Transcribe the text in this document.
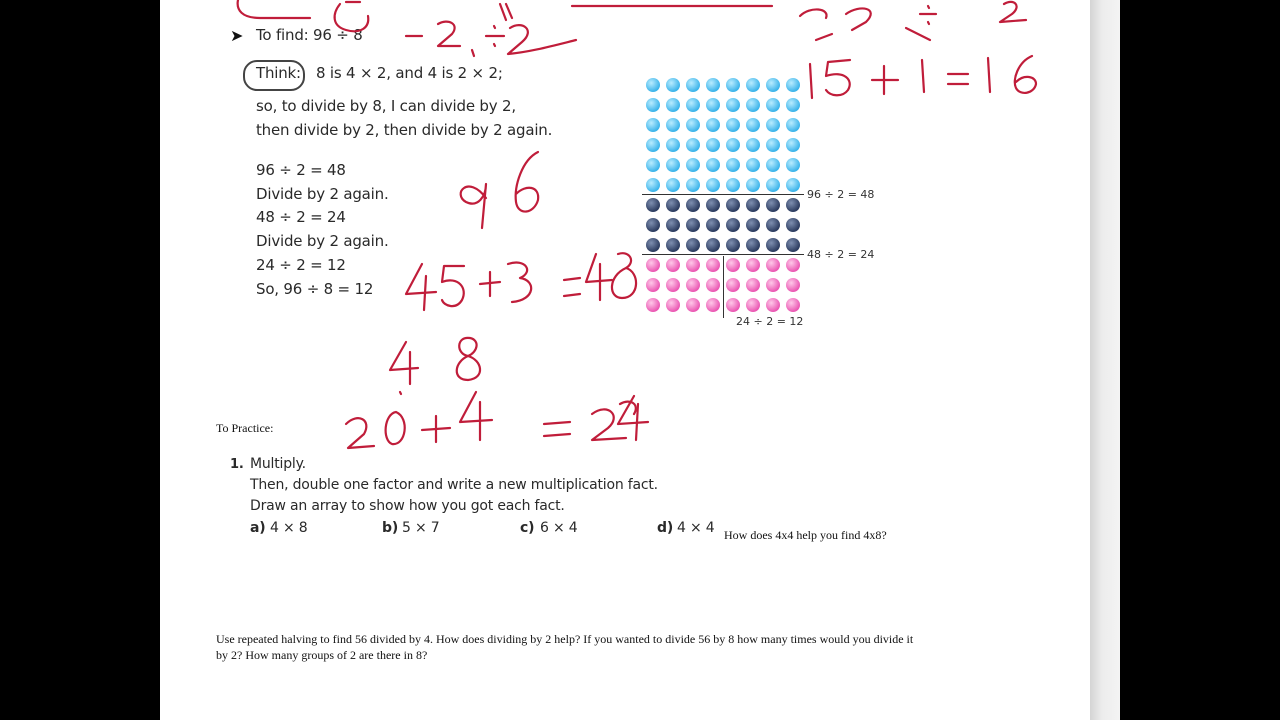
➤ To find: 96 ÷ 8
Think: 8 is 4 × 2, and 4 is 2 × 2;
so, to divide by 8, I can divide by 2,
then divide by 2, then divide by 2 again.
96 ÷ 2 = 48
Divide by 2 again.
48 ÷ 2 = 24
Divide by 2 again.
24 ÷ 2 = 12
So, 96 ÷ 8 = 12
96 ÷ 2 = 48
48 ÷ 2 = 24
24 ÷ 2 = 12
To Practice:
1. Multiply.
Then, double one factor and write a new multiplication fact.
Draw an array to show how you got each fact.
a) 4 × 8	b) 5 × 7	c) 6 × 4	d) 4 × 4 How does 4x4 help you find 4x8?
Use repeated halving to find 56 divided by 4. How does dividing by 2 help? If you wanted to divide 56 by 8 how many times would you divide it
by 2? How many groups of 2 are there in 8?
